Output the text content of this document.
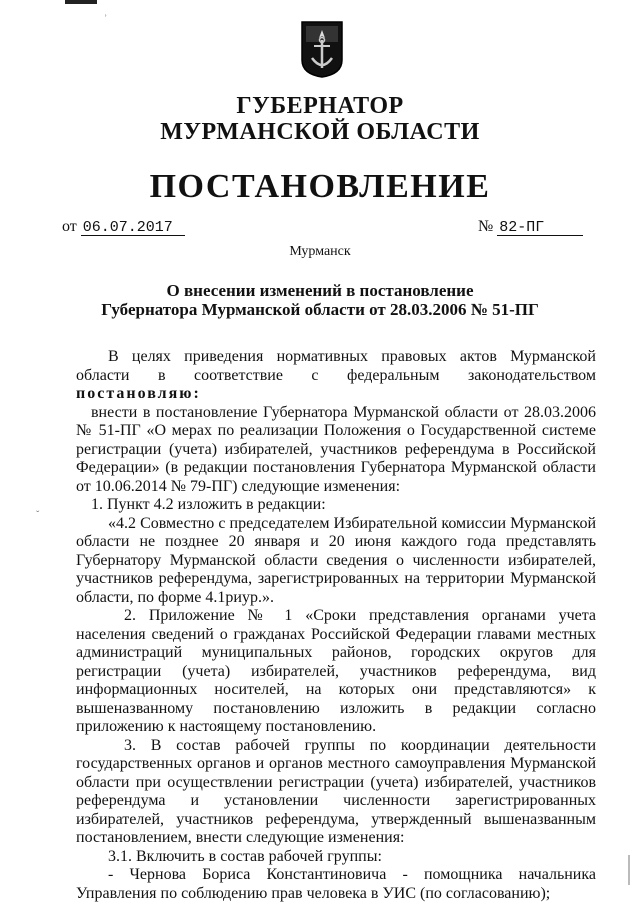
ʾ
ˇ
ГУБЕРНАТОР
МУРМАНСКОЙ ОБЛАСТИ
ПОСТАНОВЛЕНИЕ
от 06.07.2017	№ 82-ПГ
Мурманск
О внесении изменений в постановление
Губернатора Мурманской области от 28.03.2006 № 51-ПГ

В целях приведения нормативных правовых актов Мурманской области в соответствие с федеральным законодательством постановляю:

внести в постановление Губернатора Мурманской области от 28.03.2006 № 51-ПГ «О мерах по реализации Положения о Государственной системе регистрации (учета) избирателей, участников референдума в Российской Федерации» (в редакции постановления Губернатора Мурманской области от 10.06.2014 № 79-ПГ) следующие изменения:

1. Пункт 4.2 изложить в редакции:

«4.2 Совместно с председателем Избирательной комиссии Мурманской области не позднее 20 января и 20 июня каждого года представлять Губернатору Мурманской области сведения о численности избирателей, участников референдума, зарегистрированных на территории Мурманской области, по форме 4.1риур.».

2. Приложение № 1 «Сроки представления органами учета населения сведений о гражданах Российской Федерации главами местных администраций муниципальных районов, городских округов для регистрации (учета) избирателей, участников референдума, вид информационных носителей, на которых они представляются» к вышеназванному постановлению изложить в редакции согласно приложению к настоящему постановлению.

3. В состав рабочей группы по координации деятельности государственных органов и органов местного самоуправления Мурманской области при осуществлении регистрации (учета) избирателей, участников референдума и установлении численности зарегистрированных избирателей, участников референдума, утвержденный вышеназванным постановлением, внести следующие изменения:

3.1. Включить в состав рабочей группы:

- Чернова Бориса Константиновича - помощника начальника Управления по соблюдению прав человека в УИС (по согласованию);
